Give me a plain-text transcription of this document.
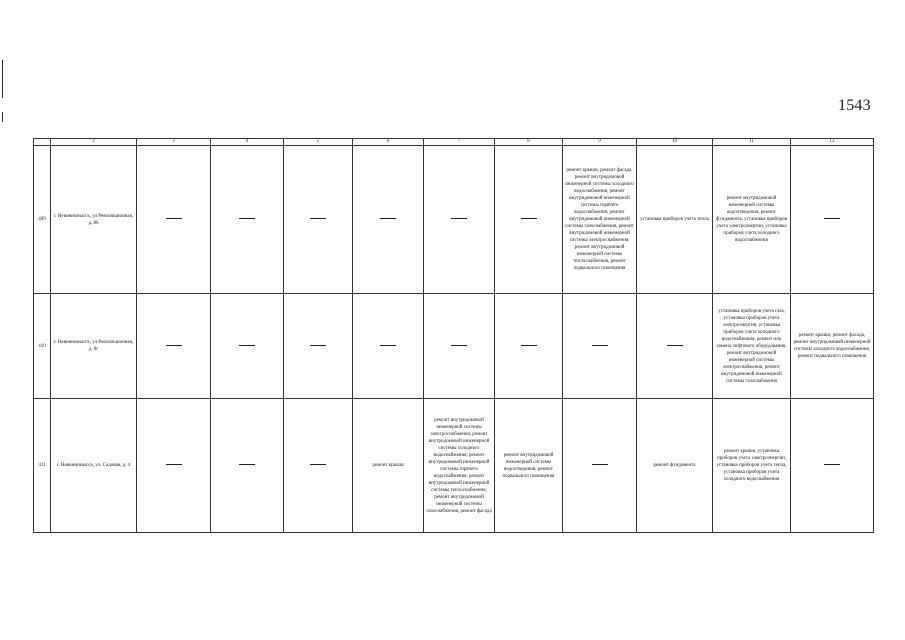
1543
	2	3	4	5	6	7	8	9	10	11	12
409	г. Невинномысск, ул Революционная, д. 86							ремонт крыши, ремонт фасада, ремонт внутридомовой инженерной системы холодного водоснабжения, ремонт внутридомовой инженерной системы горячего водоснабжения, ремонт внутридомовой инженерной системы газоснабжения, ремонт внутридомовой инженерной системы электроснабжения, ремонт внутридомовой инженерной системы теплоснабжения, ремонт подвального помещения	установка приборов учета тепла	ремонт внутридомовой инженерной системы водоотведения, ремонт фундамента, установка приборов учета электроэнергии, установка приборов учета холодного водоснабжения	
410	г. Невинномысск, ул Революционная, д. 8г									установка приборов учета газа, установка приборов учета электроэнергии, установка приборов учета холодного водоснабжения, ремонт или замена лифтового оборудования, ремонт внутридомовой инженерной системы электроснабжения, ремонт внутридомовой инженерной системы газоснабжения	ремонт крыши, ремонт фасада, ремонт внутридомовой инженерной системы холодного водоснабжения, ремонт подвального помещения
411	г. Невинномысск, ул. Садовая, д. 4				ремонт крыши	ремонт внутридомовой инженерной системы электроснабжения, ремонт внутридомовой инженерной системы холодного водоснабжения, ремонт внутридомовой инженерной системы горячего водоснабжения, ремонт внутридомовой инженерной системы теплоснабжения, ремонт внутридомовой инженерной системы газоснабжения, ремонт фасада	ремонт внутридомовой инженерной системы водоотведения, ремонт подвального помещения		ремонт фундамента	ремонт крыши, установка приборов учета электроэнергии, установка приборов учета тепла, установка приборов учета холодного водоснабжения	
